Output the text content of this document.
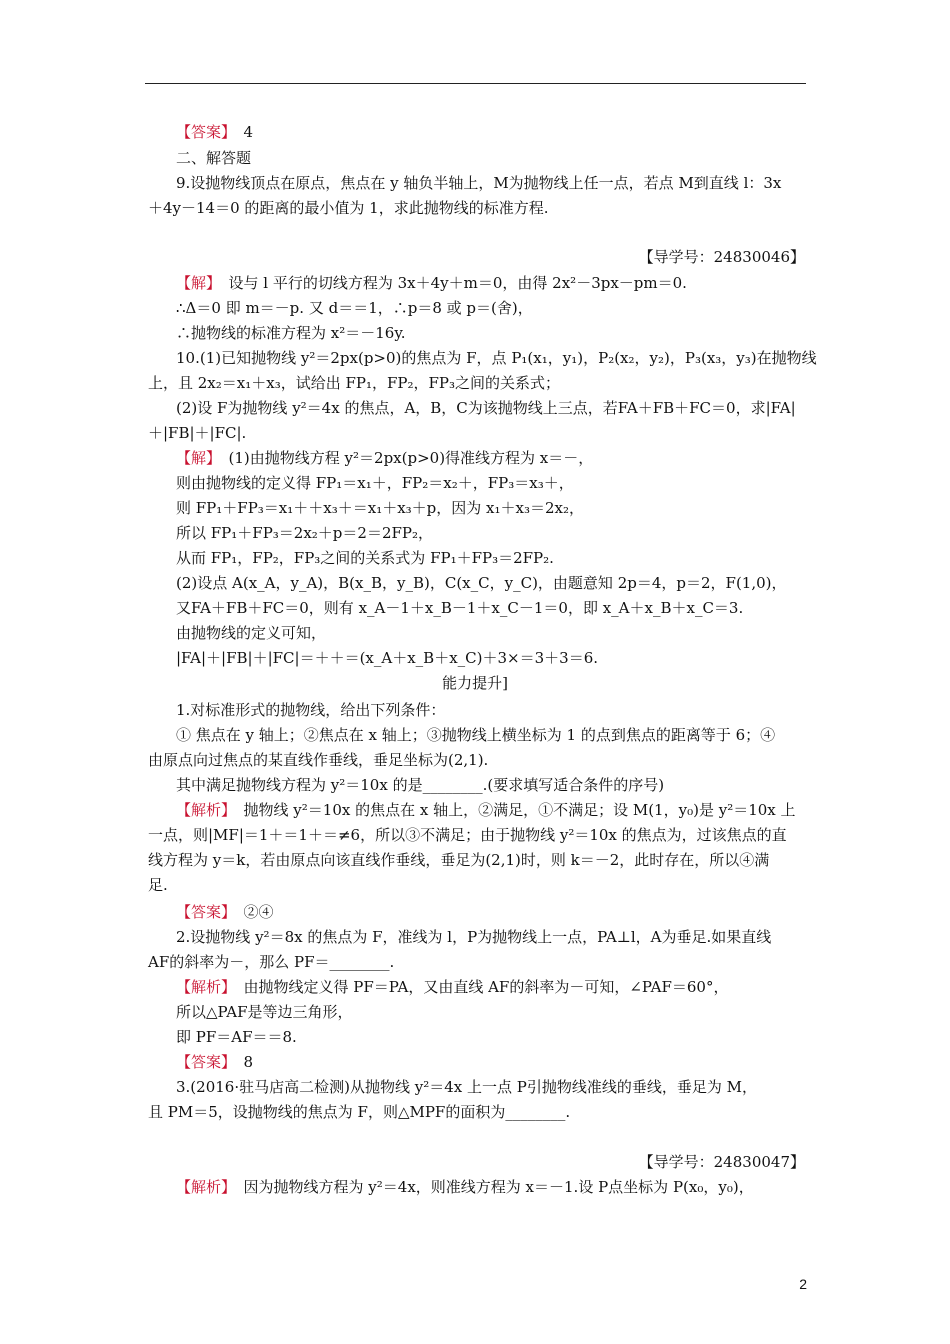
【答案】　4
二、解答题
9.设抛物线顶点在原点，焦点在 y 轴负半轴上，M为抛物线上任一点，若点 M到直线 l：3x
＋4y－14＝0 的距离的最小值为 1，求此抛物线的标准方程.
【导学号：24830046】
【解】　设与 l 平行的切线方程为 3x＋4y＋m＝0，由得 2x²－3px－pm＝0.
∴Δ＝0 即 m＝－p. 又 d＝＝1，∴p＝8 或 p＝(舍)，
∴抛物线的标准方程为 x²＝－16y.
10.(1)已知抛物线 y²＝2px(p>0)的焦点为 F，点 P₁(x₁，y₁)，P₂(x₂，y₂)，P₃(x₃，y₃)在抛物线
上，且 2x₂＝x₁＋x₃，试给出 FP₁，FP₂，FP₃之间的关系式；
(2)设 F为抛物线 y²＝4x 的焦点，A，B，C为该抛物线上三点，若FA＋FB＋FC＝0，求|FA|
＋|FB|＋|FC|.
【解】　(1)由抛物线方程 y²＝2px(p>0)得准线方程为 x＝－，
则由抛物线的定义得 FP₁＝x₁＋，FP₂＝x₂＋，FP₃＝x₃＋，
则 FP₁＋FP₃＝x₁＋＋x₃＋＝x₁＋x₃＋p，因为 x₁＋x₃＝2x₂，
所以 FP₁＋FP₃＝2x₂＋p＝2＝2FP₂，
从而 FP₁，FP₂，FP₃之间的关系式为 FP₁＋FP₃＝2FP₂.
(2)设点 A(x_A，y_A)，B(x_B，y_B)，C(x_C，y_C)，由题意知 2p＝4，p＝2，F(1,0)，
又FA＋FB＋FC＝0，则有 x_A－1＋x_B－1＋x_C－1＝0，即 x_A＋x_B＋x_C＝3.
由抛物线的定义可知，
|FA|＋|FB|＋|FC|＝＋＋＝(x_A＋x_B＋x_C)＋3×＝3＋3＝6.
能力提升]
1.对标准形式的抛物线，给出下列条件：
① 焦点在 y 轴上；②焦点在 x 轴上；③抛物线上横坐标为 1 的点到焦点的距离等于 6；④
由原点向过焦点的某直线作垂线，垂足坐标为(2,1).
其中满足抛物线方程为 y²＝10x 的是________.(要求填写适合条件的序号)
【解析】　抛物线 y²＝10x 的焦点在 x 轴上，②满足，①不满足；设 M(1，y₀)是 y²＝10x 上
一点，则|MF|＝1＋＝1＋＝≠6，所以③不满足；由于抛物线 y²＝10x 的焦点为，过该焦点的直
线方程为 y＝k，若由原点向该直线作垂线，垂足为(2,1)时，则 k＝－2，此时存在，所以④满
足.
【答案】　②④
2.设抛物线 y²＝8x 的焦点为 F，准线为 l，P为抛物线上一点，PA⊥l，A为垂足.如果直线
AF的斜率为－，那么 PF＝________.
【解析】　由抛物线定义得 PF＝PA，又由直线 AF的斜率为－可知，∠PAF＝60°，
所以△PAF是等边三角形，
即 PF＝AF＝＝8.
【答案】　8
3.(2016·驻马店高二检测)从抛物线 y²＝4x 上一点 P引抛物线准线的垂线，垂足为 M，
且 PM＝5，设抛物线的焦点为 F，则△MPF的面积为________.
【导学号：24830047】
【解析】　因为抛物线方程为 y²＝4x，则准线方程为 x＝－1.设 P点坐标为 P(x₀，y₀)，
2
